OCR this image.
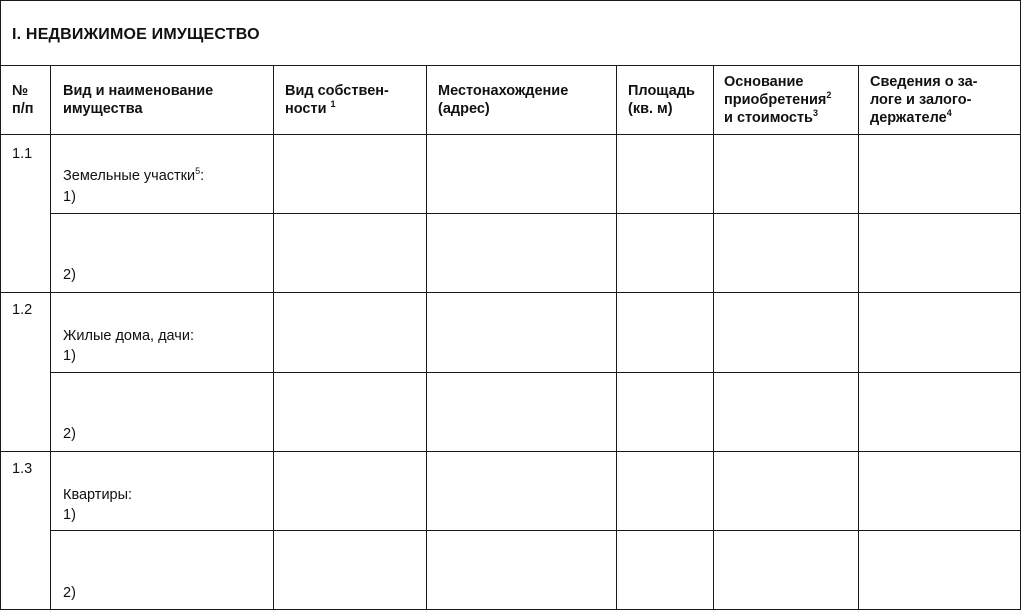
I. НЕДВИЖИМОЕ ИМУЩЕСТВО
№
п/п
Вид и наименование
имущества
Вид собствен-
ности $^1$
Местонахождение
(адрес)
Площадь
(кв. м)
Основание
приобретения$^2$
и стоимость$^3$
Сведения о за-
логе и залого-
держателе$^4$
1.1
Земельные участки$^5$:
1)
2)
1.2
Жилые дома, дачи:
1)
2)
1.3
Квартиры:
1)
2)
